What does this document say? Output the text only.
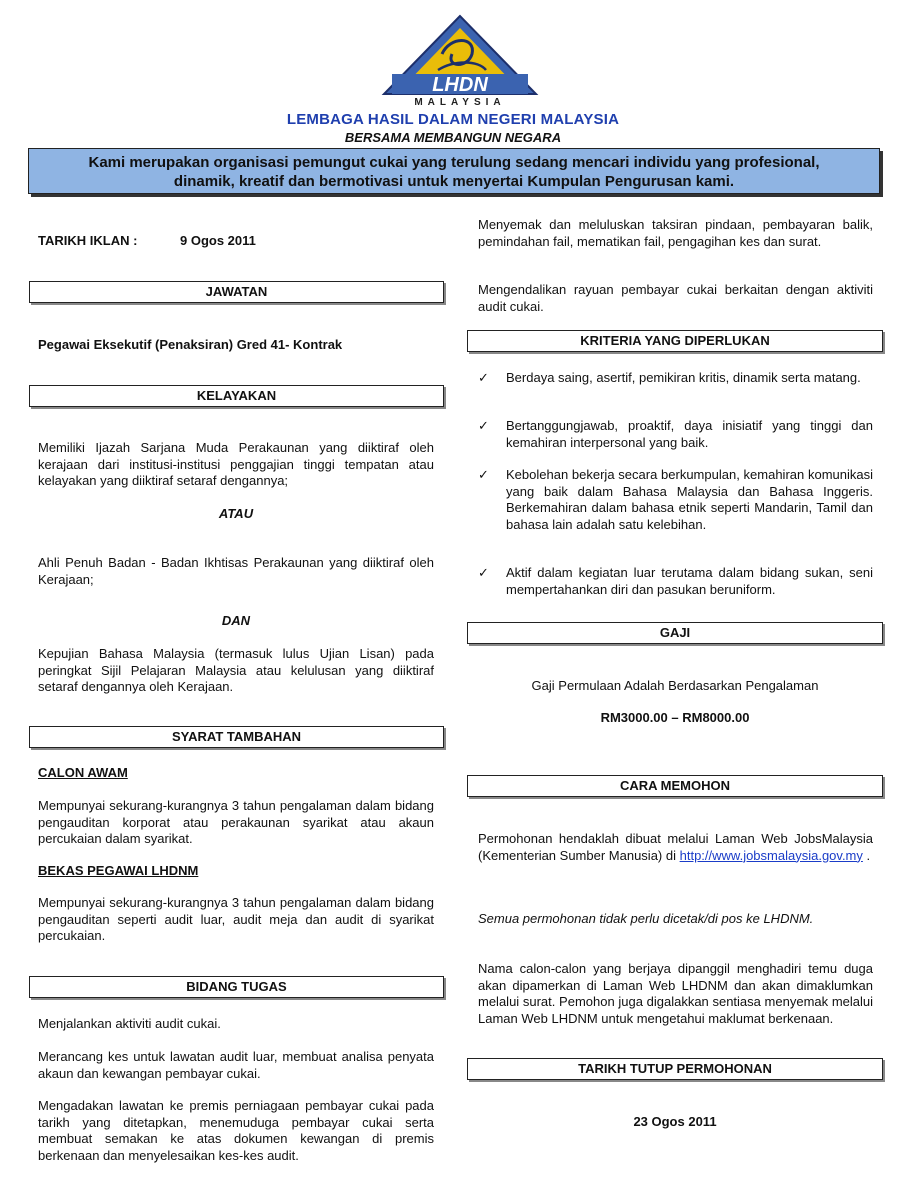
LHDN
MALAYSIA
LEMBAGA HASIL DALAM NEGERI MALAYSIA
BERSAMA MEMBANGUN NEGARA
Kami merupakan organisasi pemungut cukai yang terulung sedang mencari individu yang profesional,
dinamik, kreatif dan bermotivasi untuk menyertai Kumpulan Pengurusan kami.
TARIKH IKLAN :	9 Ogos 2011
JAWATAN
Pegawai Eksekutif (Penaksiran) Gred 41- Kontrak
KELAYAKAN
Memiliki Ijazah Sarjana Muda Perakaunan yang diiktiraf oleh kerajaan dari institusi-institusi penggajian tinggi tempatan atau kelayakan yang diiktiraf setaraf dengannya;
ATAU
Ahli Penuh Badan - Badan Ikhtisas Perakaunan yang diiktiraf oleh Kerajaan;
DAN
Kepujian Bahasa Malaysia (termasuk lulus Ujian Lisan) pada peringkat Sijil Pelajaran Malaysia atau kelulusan yang diiktiraf setaraf dengannya oleh Kerajaan.
SYARAT TAMBAHAN
CALON AWAM
Mempunyai sekurang-kurangnya 3 tahun pengalaman dalam bidang pengauditan korporat atau perakaunan syarikat atau akaun percukaian dalam syarikat.
BEKAS PEGAWAI LHDNM
Mempunyai sekurang-kurangnya 3 tahun pengalaman dalam bidang pengauditan seperti audit luar, audit meja dan audit di syarikat percukaian.
BIDANG TUGAS
Menjalankan aktiviti audit cukai.
Merancang kes untuk lawatan audit luar, membuat analisa penyata akaun dan kewangan pembayar cukai.
Mengadakan lawatan ke premis perniagaan pembayar cukai pada tarikh yang ditetapkan, menemuduga pembayar cukai serta membuat semakan ke atas dokumen kewangan di premis berkenaan dan menyelesaikan kes-kes audit.
Menyemak dan meluluskan taksiran pindaan, pembayaran balik, pemindahan fail, mematikan fail, pengagihan kes dan surat.
Mengendalikan rayuan pembayar cukai berkaitan dengan aktiviti audit cukai.
KRITERIA YANG DIPERLUKAN
✓ Berdaya saing, asertif, pemikiran kritis, dinamik serta matang.
✓ Bertanggungjawab, proaktif, daya inisiatif yang tinggi dan kemahiran interpersonal yang baik.
✓ Kebolehan bekerja secara berkumpulan, kemahiran komunikasi yang baik dalam Bahasa Malaysia dan Bahasa Inggeris. Berkemahiran dalam bahasa etnik seperti Mandarin, Tamil dan bahasa lain adalah satu kelebihan.
✓ Aktif dalam kegiatan luar terutama dalam bidang sukan, seni mempertahankan diri dan pasukan beruniform.
GAJI
Gaji Permulaan Adalah Berdasarkan Pengalaman
RM3000.00 – RM8000.00
CARA MEMOHON
Permohonan hendaklah dibuat melalui Laman Web JobsMalaysia (Kementerian Sumber Manusia) di http://www.jobsmalaysia.gov.my .
Semua permohonan tidak perlu dicetak/di pos ke LHDNM.
Nama calon-calon yang berjaya dipanggil menghadiri temu duga akan dipamerkan di Laman Web LHDNM dan akan dimaklumkan melalui surat. Pemohon juga digalakkan sentiasa menyemak melalui Laman Web LHDNM untuk mengetahui maklumat berkenaan.
TARIKH TUTUP PERMOHONAN
23 Ogos 2011
